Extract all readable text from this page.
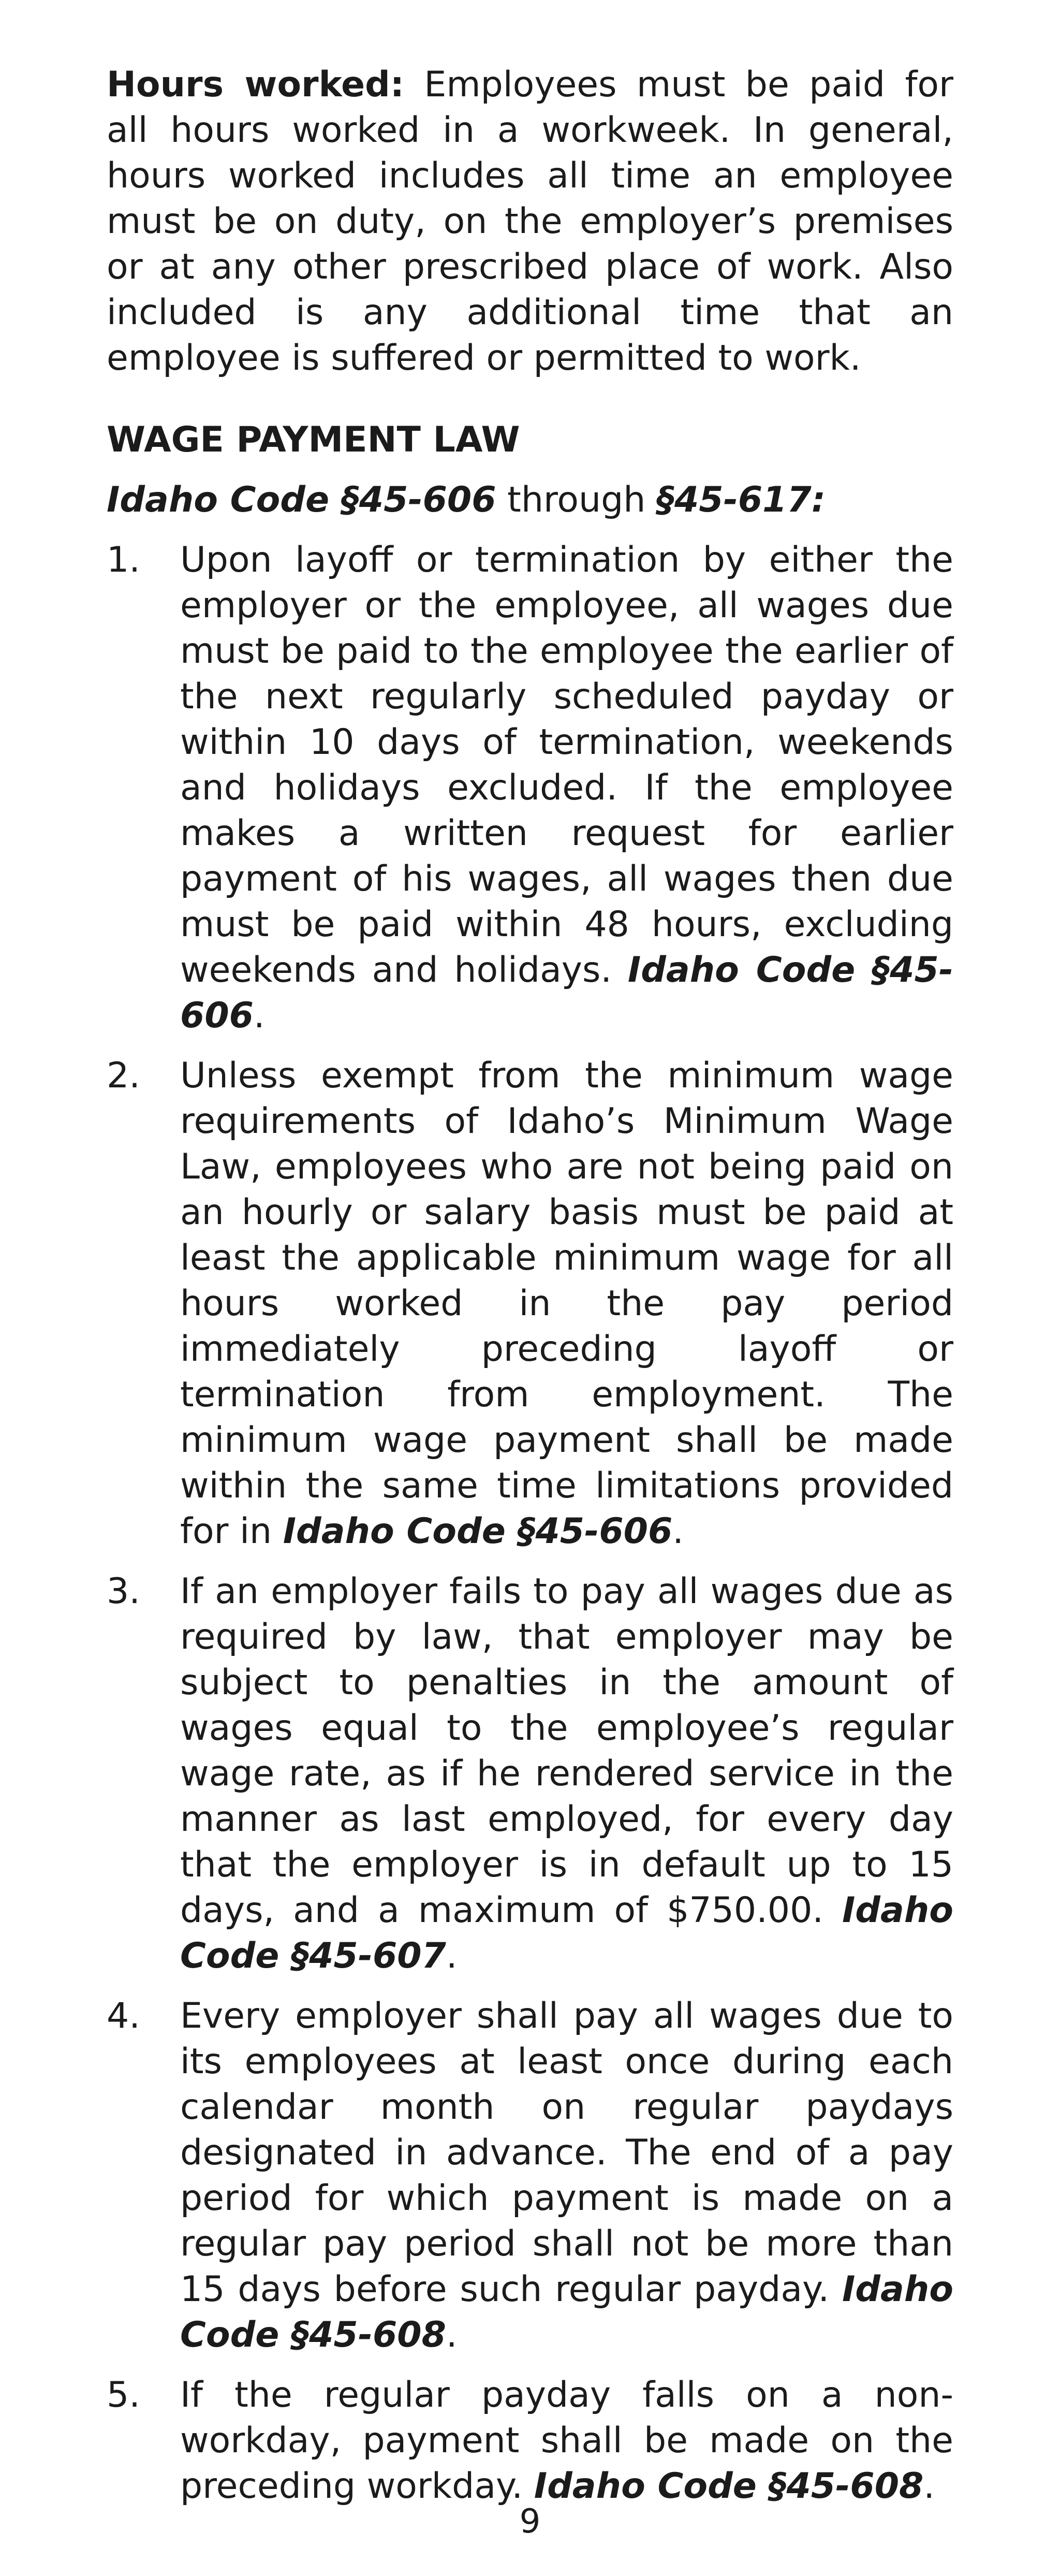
Hours worked: Employees must be paid for all hours worked in a workweek. In general, hours worked includes all time an employee must be on duty, on the employer’s premises or at any other prescribed place of work. Also included is any additional time that an employee is suffered or permitted to work.

WAGE PAYMENT LAW

Idaho Code §45-606 through §45-617:

1.	Upon layoff or termination by either the employer or the employee, all wages due must be paid to the employee the earlier of the next regularly scheduled payday or within 10 days of termination, weekends and holidays excluded. If the employee makes a written request for earlier payment of his wages, all wages then due must be paid within 48 hours, excluding weekends and holidays. Idaho Code §45-606.

2.	Unless exempt from the minimum wage requirements of Idaho’s Minimum Wage Law, employees who are not being paid on an hourly or salary basis must be paid at least the applicable minimum wage for all hours worked in the pay period immediately preceding layoff or termination from employment. The minimum wage payment shall be made within the same time limitations provided for in Idaho Code §45-606.

3.	If an employer fails to pay all wages due as required by law, that employer may be subject to penalties in the amount of wages equal to the employee’s regular wage rate, as if he rendered service in the manner as last employed, for every day that the employer is in default up to 15 days, and a maximum of $750.00. Idaho Code §45-607.

4.	Every employer shall pay all wages due to its employees at least once during each calendar month on regular paydays designated in advance. The end of a pay period for which payment is made on a regular pay period shall not be more than 15 days before such regular payday. Idaho Code §45-608.

5.	If the regular payday falls on a non-workday, payment shall be made on the preceding workday. Idaho Code §45-608.

9
